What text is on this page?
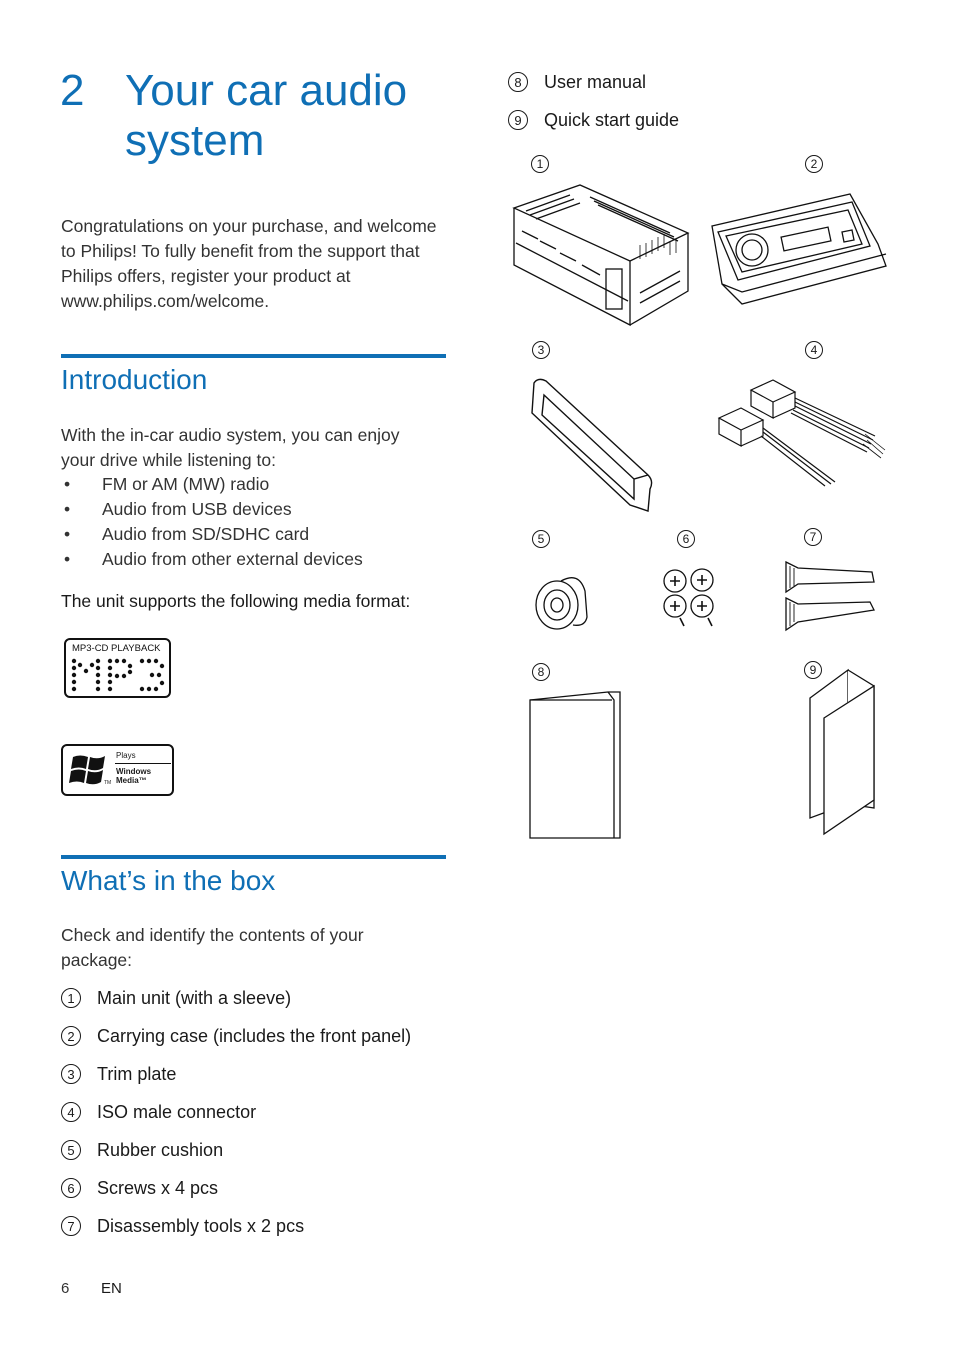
2 Your car audio system
Congratulations on your purchase, and welcome to Philips! To fully benefit from the support that Philips offers, register your product at www.philips.com/welcome.
Introduction
With the in-car audio system, you can enjoy your drive while listening to:
•	FM or AM (MW) radio
•	Audio from USB devices
•	Audio from SD/SDHC card
•	Audio from other external devices
The unit supports the following media format:
MP3-CD PLAYBACK
TM
Plays
Windows
Media™
What’s in the box
Check and identify the contents of your package:
1	Main unit (with a sleeve)
2	Carrying case (includes the front panel)
3	Trim plate
4	ISO male connector
5	Rubber cushion
6	Screws x 4 pcs
7	Disassembly tools x 2 pcs
8	User manual
9	Quick start guide
1	2
3	4
5	6	7
8	9
6 EN
